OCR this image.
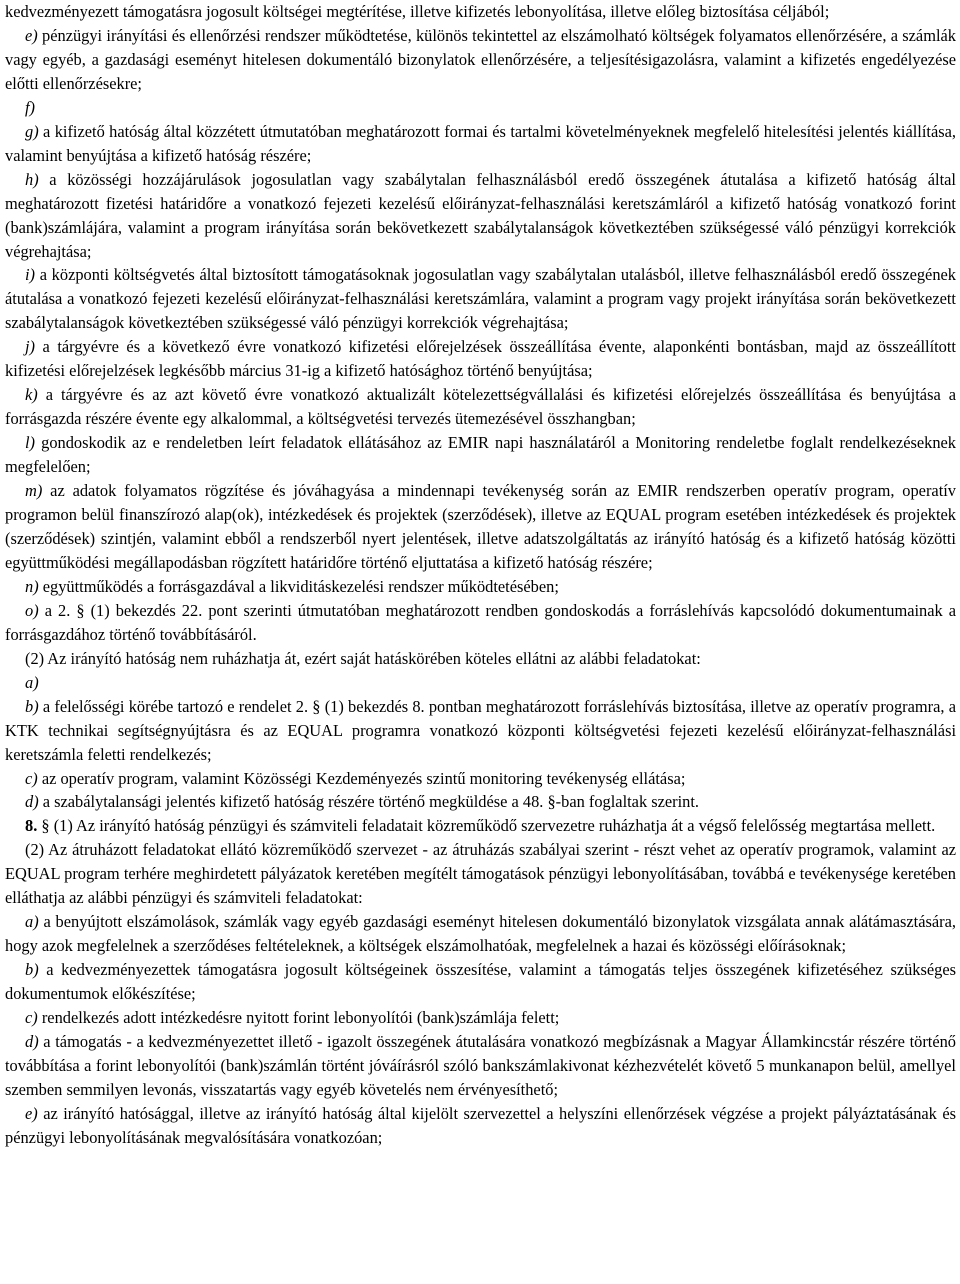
kedvezményezett támogatásra jogosult költségei megtérítése, illetve kifizetés lebonyolítása, illetve előleg biztosítása céljából;

e) pénzügyi irányítási és ellenőrzési rendszer működtetése, különös tekintettel az elszámolható költségek folyamatos ellenőrzésére, a számlák vagy egyéb, a gazdasági eseményt hitelesen dokumentáló bizonylatok ellenőrzésére, a teljesítésigazolásra, valamint a kifizetés engedélyezése előtti ellenőrzésekre;

f)

g) a kifizető hatóság által közzétett útmutatóban meghatározott formai és tartalmi követelményeknek megfelelő hitelesítési jelentés kiállítása, valamint benyújtása a kifizető hatóság részére;

h) a közösségi hozzájárulások jogosulatlan vagy szabálytalan felhasználásból eredő összegének átutalása a kifizető hatóság által meghatározott fizetési határidőre a vonatkozó fejezeti kezelésű előirányzat-felhasználási keretszámláról a kifizető hatóság vonatkozó forint (bank)számlájára, valamint a program irányítása során bekövetkezett szabálytalanságok következtében szükségessé váló pénzügyi korrekciók végrehajtása;

i) a központi költségvetés által biztosított támogatásoknak jogosulatlan vagy szabálytalan utalásból, illetve felhasználásból eredő összegének átutalása a vonatkozó fejezeti kezelésű előirányzat-felhasználási keretszámlára, valamint a program vagy projekt irányítása során bekövetkezett szabálytalanságok következtében szükségessé váló pénzügyi korrekciók végrehajtása;

j) a tárgyévre és a következő évre vonatkozó kifizetési előrejelzések összeállítása évente, alaponkénti bontásban, majd az összeállított kifizetési előrejelzések legkésőbb március 31-ig a kifizető hatósághoz történő benyújtása;

k) a tárgyévre és az azt követő évre vonatkozó aktualizált kötelezettségvállalási és kifizetési előrejelzés összeállítása és benyújtása a forrásgazda részére évente egy alkalommal, a költségvetési tervezés ütemezésével összhangban;

l) gondoskodik az e rendeletben leírt feladatok ellátásához az EMIR napi használatáról a Monitoring rendeletbe foglalt rendelkezéseknek megfelelően;

m) az adatok folyamatos rögzítése és jóváhagyása a mindennapi tevékenység során az EMIR rendszerben operatív program, operatív programon belül finanszírozó alap(ok), intézkedések és projektek (szerződések), illetve az EQUAL program esetében intézkedések és projektek (szerződések) szintjén, valamint ebből a rendszerből nyert jelentések, illetve adatszolgáltatás az irányító hatóság és a kifizető hatóság közötti együttműködési megállapodásban rögzített határidőre történő eljuttatása a kifizető hatóság részére;

n) együttműködés a forrásgazdával a likviditáskezelési rendszer működtetésében;

o) a 2. § (1) bekezdés 22. pont szerinti útmutatóban meghatározott rendben gondoskodás a forráslehívás kapcsolódó dokumentumainak a forrásgazdához történő továbbításáról.

(2) Az irányító hatóság nem ruházhatja át, ezért saját hatáskörében köteles ellátni az alábbi feladatokat:

a)

b) a felelősségi körébe tartozó e rendelet 2. § (1) bekezdés 8. pontban meghatározott forráslehívás biztosítása, illetve az operatív programra, a KTK technikai segítségnyújtásra és az EQUAL programra vonatkozó központi költségvetési fejezeti kezelésű előirányzat-felhasználási keretszámla feletti rendelkezés;

c) az operatív program, valamint Közösségi Kezdeményezés szintű monitoring tevékenység ellátása;

d) a szabálytalansági jelentés kifizető hatóság részére történő megküldése a 48. §-ban foglaltak szerint.

8. § (1) Az irányító hatóság pénzügyi és számviteli feladatait közreműködő szervezetre ruházhatja át a végső felelősség megtartása mellett.

(2) Az átruházott feladatokat ellátó közreműködő szervezet - az átruházás szabályai szerint - részt vehet az operatív programok, valamint az EQUAL program terhére meghirdetett pályázatok keretében megítélt támogatások pénzügyi lebonyolításában, továbbá e tevékenysége keretében elláthatja az alábbi pénzügyi és számviteli feladatokat:

a) a benyújtott elszámolások, számlák vagy egyéb gazdasági eseményt hitelesen dokumentáló bizonylatok vizsgálata annak alátámasztására, hogy azok megfelelnek a szerződéses feltételeknek, a költségek elszámolhatóak, megfelelnek a hazai és közösségi előírásoknak;

b) a kedvezményezettek támogatásra jogosult költségeinek összesítése, valamint a támogatás teljes összegének kifizetéséhez szükséges dokumentumok előkészítése;

c) rendelkezés adott intézkedésre nyitott forint lebonyolítói (bank)számlája felett;

d) a támogatás - a kedvezményezettet illető - igazolt összegének átutalására vonatkozó megbízásnak a Magyar Államkincstár részére történő továbbítása a forint lebonyolítói (bank)számlán történt jóváírásról szóló bankszámlakivonat kézhezvételét követő 5 munkanapon belül, amellyel szemben semmilyen levonás, visszatartás vagy egyéb követelés nem érvényesíthető;

e) az irányító hatósággal, illetve az irányító hatóság által kijelölt szervezettel a helyszíni ellenőrzések végzése a projekt pályáztatásának és pénzügyi lebonyolításának megvalósítására vonatkozóan;
